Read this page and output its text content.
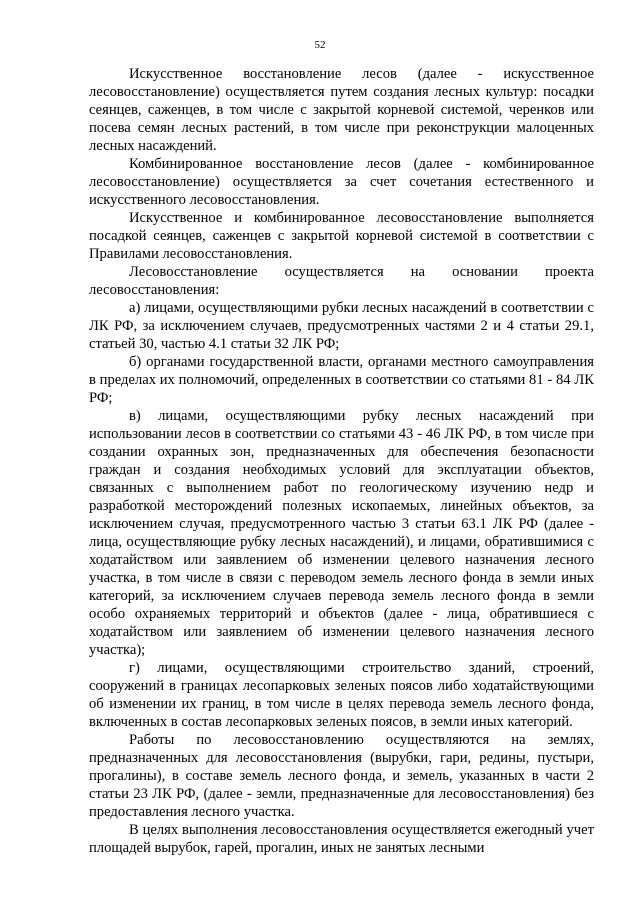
52

Искусственное восстановление лесов (далее - искусственное лесовосстановление) осуществляется путем создания лесных культур: посадки сеянцев, саженцев, в том числе с закрытой корневой системой, черенков или посева семян лесных растений, в том числе при реконструкции малоценных лесных насаждений.

Комбинированное восстановление лесов (далее - комбинированное лесовосстановление) осуществляется за счет сочетания естественного и искусственного лесовосстановления.

Искусственное и комбинированное лесовосстановление выполняется посадкой сеянцев, саженцев с закрытой корневой системой в соответствии с Правилами лесовосстановления.

Лесовосстановление осуществляется на основании проекта лесовосстановления:

а) лицами, осуществляющими рубки лесных насаждений в соответствии с ЛК РФ, за исключением случаев, предусмотренных частями 2 и 4 статьи 29.1, статьей 30, частью 4.1 статьи 32 ЛК РФ;

б) органами государственной власти, органами местного самоуправления в пределах их полномочий, определенных в соответствии со статьями 81 - 84 ЛК РФ;

в) лицами, осуществляющими рубку лесных насаждений при использовании лесов в соответствии со статьями 43 - 46 ЛК РФ, в том числе при создании охранных зон, предназначенных для обеспечения безопасности граждан и создания необходимых условий для эксплуатации объектов, связанных с выполнением работ по геологическому изучению недр и разработкой месторождений полезных ископаемых, линейных объектов, за исключением случая, предусмотренного частью 3 статьи 63.1 ЛК РФ (далее - лица, осуществляющие рубку лесных насаждений), и лицами, обратившимися с ходатайством или заявлением об изменении целевого назначения лесного участка, в том числе в связи с переводом земель лесного фонда в земли иных категорий, за исключением случаев перевода земель лесного фонда в земли особо охраняемых территорий и объектов (далее - лица, обратившиеся с ходатайством или заявлением об изменении целевого назначения лесного участка);

г) лицами, осуществляющими строительство зданий, строений, сооружений в границах лесопарковых зеленых поясов либо ходатайствующими об изменении их границ, в том числе в целях перевода земель лесного фонда, включенных в состав лесопарковых зеленых поясов, в земли иных категорий.

Работы по лесовосстановлению осуществляются на землях, предназначенных для лесовосстановления (вырубки, гари, редины, пустыри, прогалины), в составе земель лесного фонда, и земель, указанных в части 2 статьи 23 ЛК РФ, (далее - земли, предназначенные для лесовосстановления) без предоставления лесного участка.

В целях выполнения лесовосстановления осуществляется ежегодный учет площадей вырубок, гарей, прогалин, иных не занятых лесными
